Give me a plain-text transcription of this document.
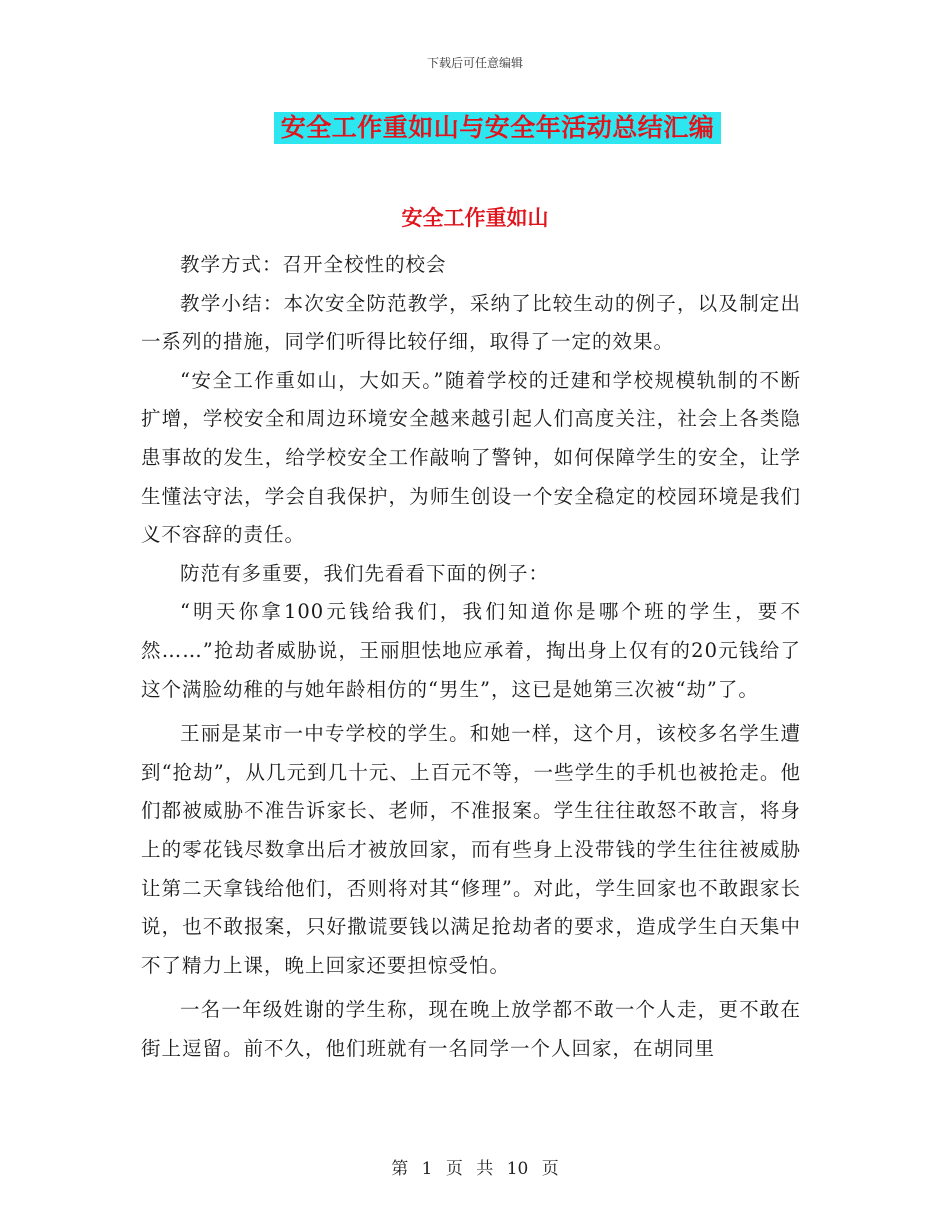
下载后可任意编辑
安全工作重如山与安全年活动总结汇编
安全工作重如山

教学方式：召开全校性的校会

教学小结：本次安全防范教学，采纳了比较生动的例子，以及制定出一系列的措施，同学们听得比较仔细，取得了一定的效果。

“安全工作重如山，大如天。”随着学校的迁建和学校规模轨制的不断扩增，学校安全和周边环境安全越来越引起人们高度关注，社会上各类隐患事故的发生，给学校安全工作敲响了警钟，如何保障学生的安全，让学生懂法守法，学会自我保护，为师生创设一个安全稳定的校园环境是我们义不容辞的责任。

防范有多重要，我们先看看下面的例子：

“明天你拿100元钱给我们，我们知道你是哪个班的学生，要不然……”抢劫者威胁说，王丽胆怯地应承着，掏出身上仅有的20元钱给了这个满脸幼稚的与她年龄相仿的“男生”，这已是她第三次被“劫”了。

王丽是某市一中专学校的学生。和她一样，这个月，该校多名学生遭到“抢劫”，从几元到几十元、上百元不等，一些学生的手机也被抢走。他们都被威胁不准告诉家长、老师，不准报案。学生往往敢怒不敢言，将身上的零花钱尽数拿出后才被放回家，而有些身上没带钱的学生往往被威胁让第二天拿钱给他们，否则将对其“修理”。对此，学生回家也不敢跟家长说，也不敢报案，只好撒谎要钱以满足抢劫者的要求，造成学生白天集中不了精力上课，晚上回家还要担惊受怕。

一名一年级姓谢的学生称，现在晚上放学都不敢一个人走，更不敢在街上逗留。前不久，他们班就有一名同学一个人回家，在胡同里

第 1 页 共 10 页
